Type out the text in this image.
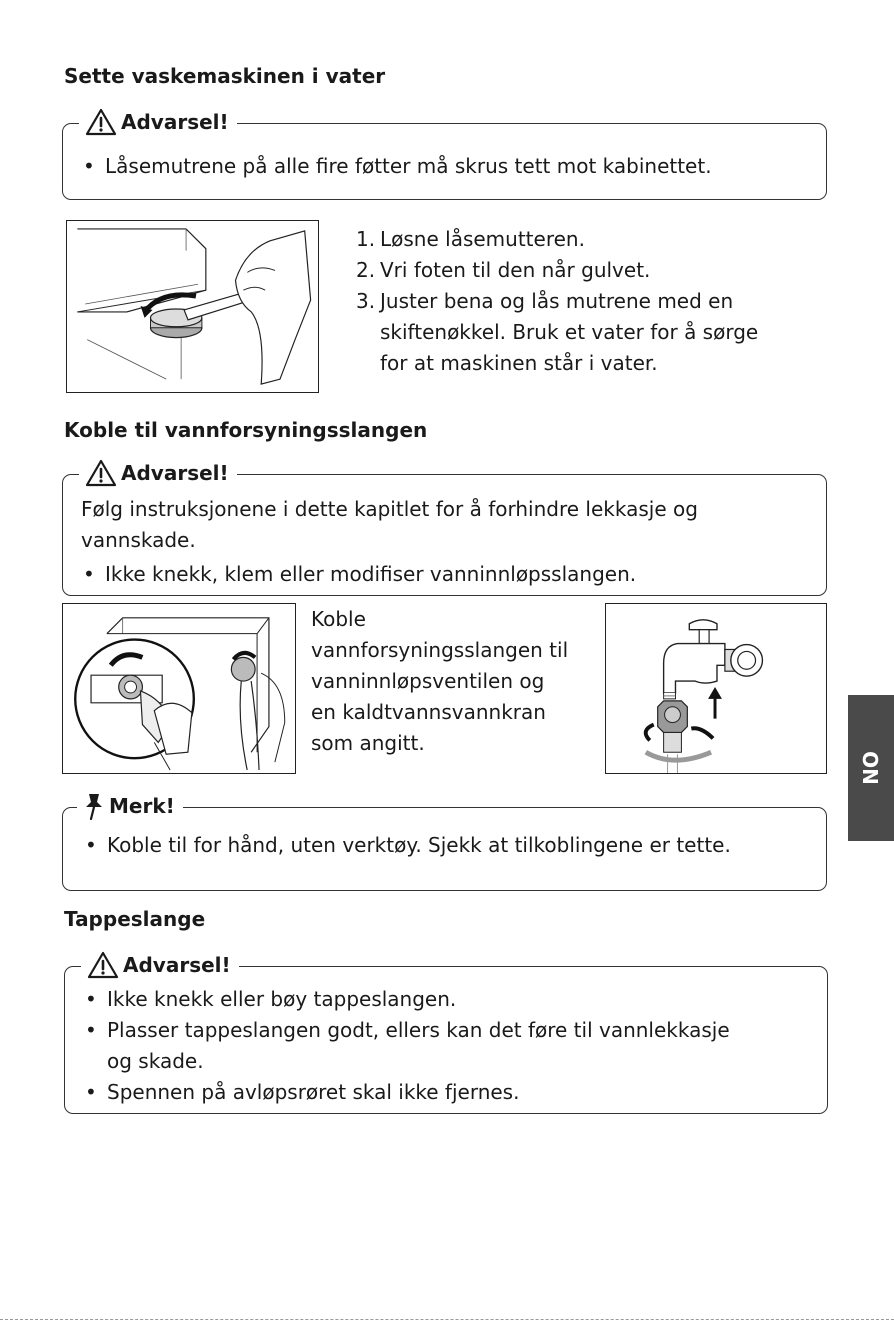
Sette vaskemaskinen i vater
Advarsel!
• Låsemutrene på alle fire føtter må skrus tett mot kabinettet.
1. Løsne låsemutteren.
2. Vri foten til den når gulvet.
3. Juster bena og lås mutrene med en
skiftenøkkel. Bruk et vater for å sørge
for at maskinen står i vater.
Koble til vannforsyningsslangen
Advarsel!
Følg instruksjonene i dette kapitlet for å forhindre lekkasje og
vannskade.
• Ikke knekk, klem eller modifiser vanninnløpsslangen.
Koble
vannforsyningsslangen til
vanninnløpsventilen og
en kaldtvannsvannkran
som angitt.
Merk!
• Koble til for hånd, uten verktøy. Sjekk at tilkoblingene er tette.
Tappeslange
Advarsel!
• Ikke knekk eller bøy tappeslangen.
• Plasser tappeslangen godt, ellers kan det føre til vannlekkasje
og skade.
• Spennen på avløpsrøret skal ikke fjernes.
NO
